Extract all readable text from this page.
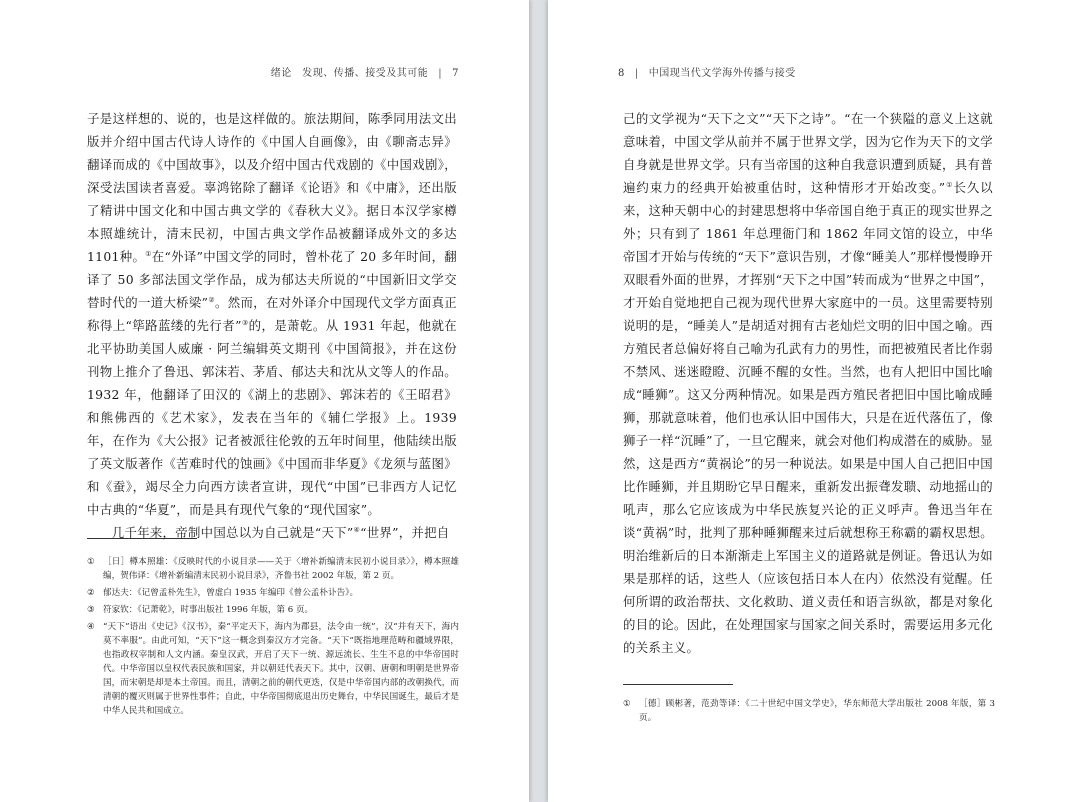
绪论　发现、传播、接受及其可能 | 7

子是这样想的、说的，也是这样做的。旅法期间，陈季同用法文出版并介绍中国古代诗人诗作的《中国人自画像》，由《聊斋志异》翻译而成的《中国故事》，以及介绍中国古代戏剧的《中国戏剧》，深受法国读者喜爱。辜鸿铭除了翻译《论语》和《中庸》，还出版了精讲中国文化和中国古典文学的《春秋大义》。据日本汉学家樽本照雄统计，清末民初，中国古典文学作品被翻译成外文的多达1101种。①在“外译”中国文学的同时，曾朴花了 20 多年时间，翻译了 50 多部法国文学作品，成为郁达夫所说的“中国新旧文学交替时代的一道大桥梁”②。然而，在对外译介中国现代文学方面真正称得上“筚路蓝缕的先行者”③的，是萧乾。从 1931 年起，他就在北平协助美国人威廉 · 阿兰编辑英文期刊《中国简报》，并在这份刊物上推介了鲁迅、郭沫若、茅盾、郁达夫和沈从文等人的作品。1932 年，他翻译了田汉的《湖上的悲剧》、郭沫若的《王昭君》和熊佛西的《艺术家》，发表在当年的《辅仁学报》上。1939 年，在作为《大公报》记者被派往伦敦的五年时间里，他陆续出版了英文版著作《苦难时代的蚀画》《中国而非华夏》《龙须与蓝图》和《蚕》，竭尽全力向西方读者宣讲，现代“中国”已非西方人记忆中古典的“华夏”，而是具有现代气象的“现代国家”。

几千年来，帝制中国总以为自己就是“天下”④“世界”，并把自

① ［日］樽本照雄：《反映时代的小说目录——关于〈增补新编清末民初小说目录〉》，樽本照雄编，贺伟译：《增补新编清末民初小说目录》，齐鲁书社 2002 年版，第 2 页。
② 郁达夫：《记曾孟朴先生》，曾虚白 1935 年编印《曾公孟朴讣告》。
③ 符家钦：《记萧乾》，时事出版社 1996 年版，第 6 页。
④ “天下”语出《史记》《汉书》，秦“平定天下，海内为郡县，法令由一统”，汉“并有天下，海内莫不率服”。由此可知，“天下”这一概念到秦汉方才完备。“天下”既指地理范畴和疆域界限，也指政权宰制和人文内涵。秦皇汉武，开启了天下一统、源远流长、生生不息的中华帝国时代。中华帝国以皇权代表民族和国家，并以朝廷代表天下。其中，汉朝、唐朝和明朝是世界帝国，而宋朝是却是本土帝国。而且，清朝之前的朝代更迭，仅是中华帝国内部的改朝换代，而清朝的覆灭则属于世界性事件；自此，中华帝国彻底退出历史舞台，中华民国诞生，最后才是中华人民共和国成立。
8 | 中国现当代文学海外传播与接受

己的文学视为“天下之文”“天下之诗”。“在一个狭隘的意义上这就意味着，中国文学从前并不属于世界文学，因为它作为天下的文学自身就是世界文学。只有当帝国的这种自我意识遭到质疑，具有普遍约束力的经典开始被重估时，这种情形才开始改变。”①长久以来，这种天朝中心的封建思想将中华帝国自绝于真正的现实世界之外；只有到了 1861 年总理衙门和 1862 年同文馆的设立，中华帝国才开始与传统的“天下”意识告别，才像“睡美人”那样慢慢睁开双眼看外面的世界，才挥别“天下之中国”转而成为“世界之中国”，才开始自觉地把自己视为现代世界大家庭中的一员。这里需要特别说明的是，“睡美人”是胡适对拥有古老灿烂文明的旧中国之喻。西方殖民者总偏好将自己喻为孔武有力的男性，而把被殖民者比作弱不禁风、迷迷瞪瞪、沉睡不醒的女性。当然，也有人把旧中国比喻成“睡狮”。这又分两种情况。如果是西方殖民者把旧中国比喻成睡狮，那就意味着，他们也承认旧中国伟大，只是在近代落伍了，像狮子一样“沉睡”了，一旦它醒来，就会对他们构成潜在的威胁。显然，这是西方“黄祸论”的另一种说法。如果是中国人自己把旧中国比作睡狮，并且期盼它早日醒来，重新发出振聋发聩、动地摇山的吼声，那么它应该成为中华民族复兴论的正义呼声。鲁迅当年在谈“黄祸”时，批判了那种睡狮醒来过后就想称王称霸的霸权思想。明治维新后的日本渐渐走上军国主义的道路就是例证。鲁迅认为如果是那样的话，这些人（应该包括日本人在内）依然没有觉醒。任何所谓的政治帮扶、文化救助、道义责任和语言纵欲，都是对象化的目的论。因此，在处理国家与国家之间关系时，需要运用多元化的关系主义。

① ［德］顾彬著，范劲等译：《二十世纪中国文学史》，华东师范大学出版社 2008 年版，第 3 页。
